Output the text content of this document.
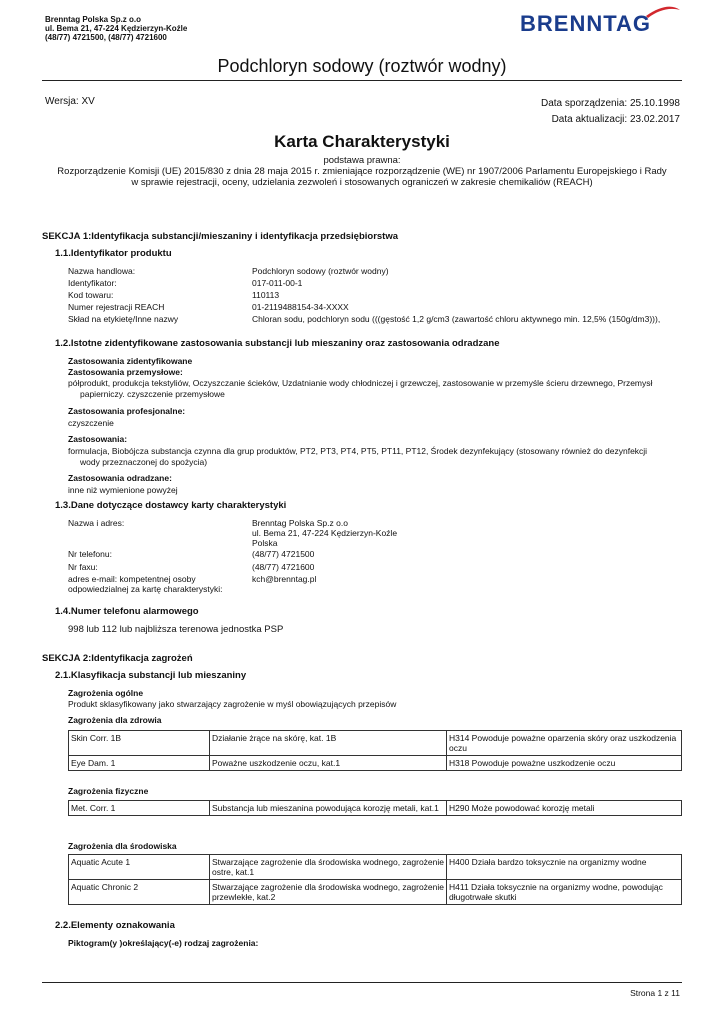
Brenntag Polska Sp.z o.o
ul. Bema 21, 47-224 Kędzierzyn-Koźle
(48/77) 4721500, (48/77) 4721600
BRENNTAG
Podchloryn sodowy (roztwór wodny)
Wersja: XV	Data sporządzenia: 25.10.1998
Data aktualizacji: 23.02.2017
Karta Charakterystyki
podstawa prawna:
Rozporządzenie Komisji (UE) 2015/830 z dnia 28 maja 2015 r. zmieniające rozporządzenie (WE) nr 1907/2006 Parlamentu Europejskiego i Rady
w sprawie rejestracji, oceny, udzielania zezwoleń i stosowanych ograniczeń w zakresie chemikaliów (REACH)
SEKCJA 1:Identyfikacja substancji/mieszaniny i identyfikacja przedsiębiorstwa
1.1.Identyfikator produktu
Nazwa handlowa:	Podchloryn sodowy (roztwór wodny)
Identyfikator:	017-011-00-1
Kod towaru:	110113
Numer rejestracji REACH	01-2119488154-34-XXXX
Skład na etykietę/Inne nazwy	Chloran sodu, podchloryn sodu (((gęstość 1,2 g/cm3 (zawartość chloru aktywnego min. 12,5% (150g/dm3))),
1.2.Istotne zidentyfikowane zastosowania substancji lub mieszaniny oraz zastosowania odradzane
Zastosowania zidentyfikowane
Zastosowania przemysłowe:
półprodukt, produkcja tekstyliów, Oczyszczanie ścieków, Uzdatnianie wody chłodniczej i grzewczej, zastosowanie w przemyśle ścieru drzewnego, Przemysł
papierniczy. czyszczenie przemysłowe
Zastosowania profesjonalne:
czyszczenie
Zastosowania:
formulacja, Biobójcza substancja czynna dla grup produktów, PT2, PT3, PT4, PT5, PT11, PT12, Środek dezynfekujący (stosowany również do dezynfekcji
wody przeznaczonej do spożycia)
Zastosowania odradzane:
inne niż wymienione powyżej
1.3.Dane dotyczące dostawcy karty charakterystyki
Nazwa i adres:	Brenntag Polska Sp.z o.o
ul. Bema 21, 47-224 Kędzierzyn-Koźle
Polska
Nr telefonu:	(48/77) 4721500
Nr faxu:	(48/77) 4721600
adres e-mail: kompetentnej osoby
odpowiedzialnej za kartę charakterystyki:
kch@brenntag.pl
1.4.Numer telefonu alarmowego
998 lub 112 lub najbliższa terenowa jednostka PSP
SEKCJA 2:Identyfikacja zagrożeń
2.1.Klasyfikacja substancji lub mieszaniny
Zagrożenia ogólne
Produkt sklasyfikowany jako stwarzający zagrożenie w myśl obowiązujących przepisów
Zagrożenia dla zdrowia
Skin Corr. 1B	Działanie żrące na skórę, kat. 1B	H314 Powoduje poważne oparzenia skóry oraz uszkodzenia oczu
Eye Dam. 1	Poważne uszkodzenie oczu, kat.1	H318 Powoduje poważne uszkodzenie oczu
Zagrożenia fizyczne
Met. Corr. 1	Substancja lub mieszanina powodująca korozję metali, kat.1	H290 Może powodować korozję metali
Zagrożenia dla środowiska
Aquatic Acute 1	Stwarzające zagrożenie dla środowiska wodnego, zagrożenie ostre, kat.1	H400 Działa bardzo toksycznie na organizmy wodne
Aquatic Chronic 2	Stwarzające zagrożenie dla środowiska wodnego, zagrożenie przewlekłe, kat.2	H411 Działa toksycznie na organizmy wodne, powodując długotrwałe skutki
2.2.Elementy oznakowania
Piktogram(y )określający(-e) rodzaj zagrożenia:
Strona 1 z 11
